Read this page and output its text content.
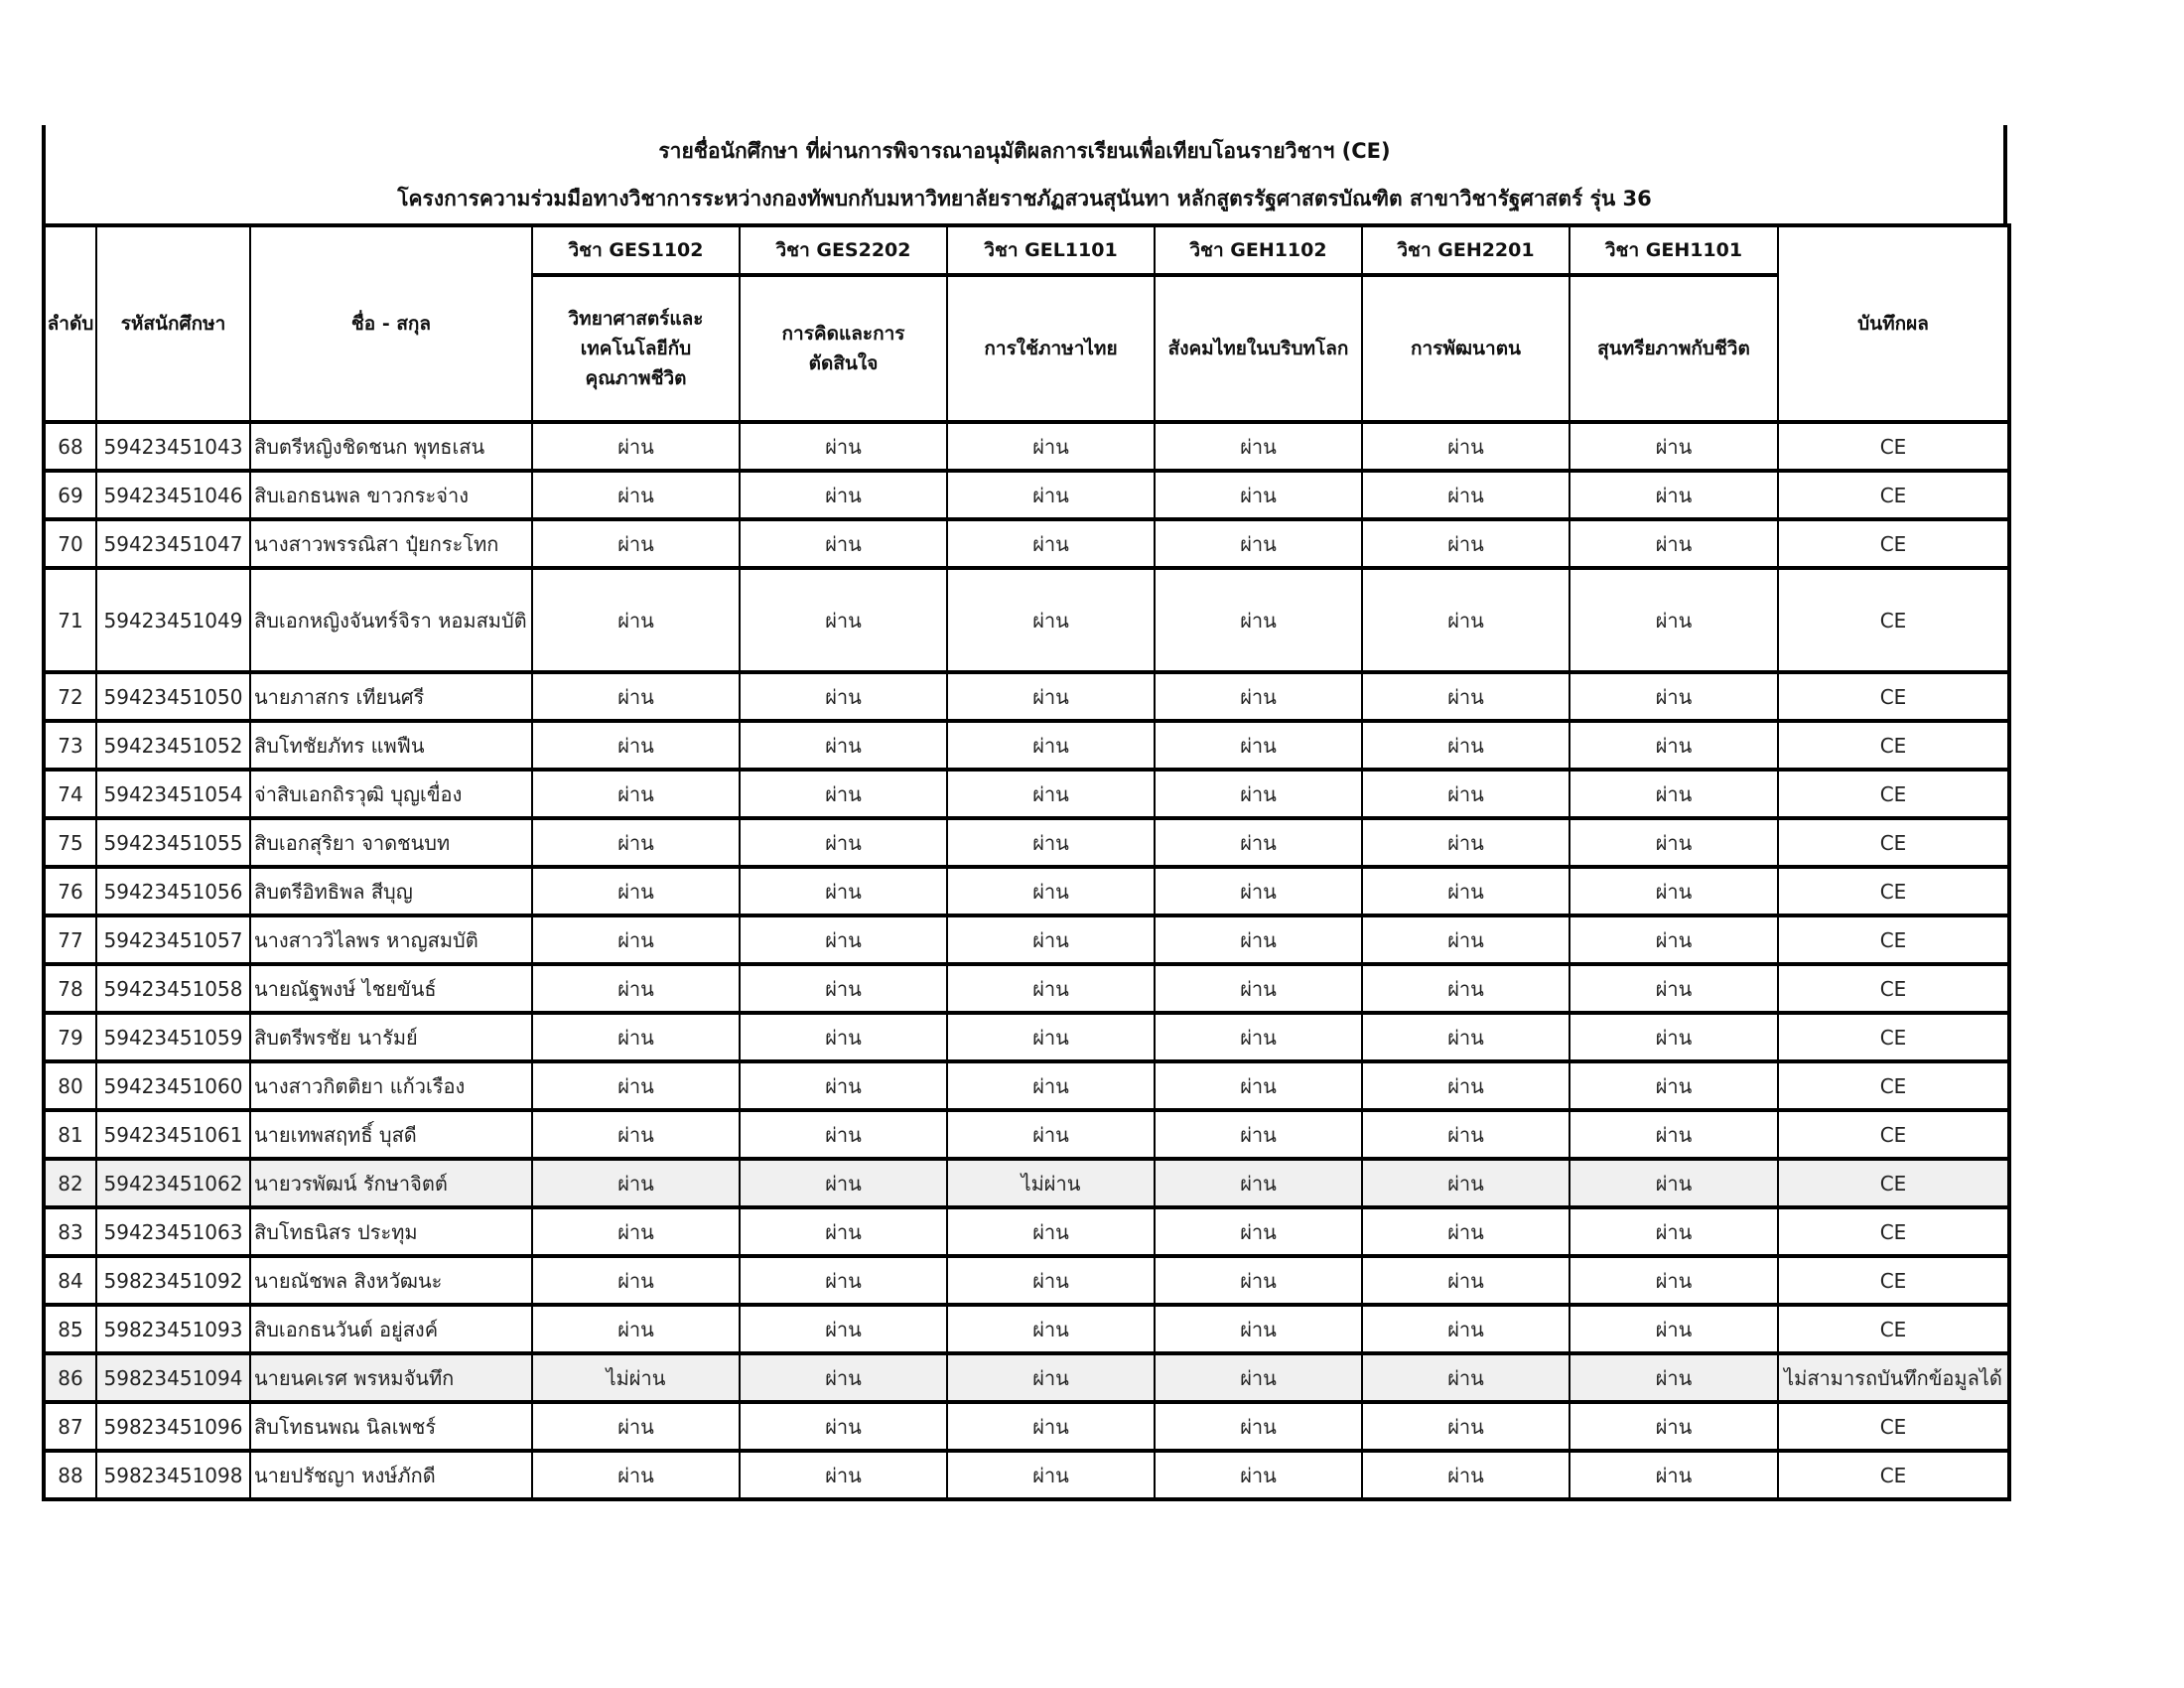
รายชื่อนักศึกษา ที่ผ่านการพิจารณาอนุมัติผลการเรียนเพื่อเทียบโอนรายวิชาฯ (CE)
โครงการความร่วมมือทางวิชาการระหว่างกองทัพบกกับมหาวิทยาลัยราชภัฏสวนสุนันทา หลักสูตรรัฐศาสตรบัณฑิต สาขาวิชารัฐศาสตร์ รุ่น 36
ลำดับ	รหัสนักศึกษา	ชื่อ - สกุล	วิชา GES1102	วิชา GES2202	วิชา GEL1101	วิชา GEH1102	วิชา GEH2201	วิชา GEH1101	บันทึกผล
			วิทยาศาสตร์และเทคโนโลยีกับคุณภาพชีวิต	การคิดและการตัดสินใจ	การใช้ภาษาไทย	สังคมไทยในบริบทโลก	การพัฒนาตน	สุนทรียภาพกับชีวิต	
68	59423451043	สิบตรีหญิงชิดชนก พุทธเสน	ผ่าน	ผ่าน	ผ่าน	ผ่าน	ผ่าน	ผ่าน	CE
69	59423451046	สิบเอกธนพล ขาวกระจ่าง	ผ่าน	ผ่าน	ผ่าน	ผ่าน	ผ่าน	ผ่าน	CE
70	59423451047	นางสาวพรรณิสา ปุ๋ยกระโทก	ผ่าน	ผ่าน	ผ่าน	ผ่าน	ผ่าน	ผ่าน	CE
71	59423451049	สิบเอกหญิงจันทร์จิรา หอมสมบัติ	ผ่าน	ผ่าน	ผ่าน	ผ่าน	ผ่าน	ผ่าน	CE
72	59423451050	นายภาสกร เทียนศรี	ผ่าน	ผ่าน	ผ่าน	ผ่าน	ผ่าน	ผ่าน	CE
73	59423451052	สิบโทชัยภัทร แพฟืน	ผ่าน	ผ่าน	ผ่าน	ผ่าน	ผ่าน	ผ่าน	CE
74	59423451054	จ่าสิบเอกถิรวุฒิ บุญเขื่อง	ผ่าน	ผ่าน	ผ่าน	ผ่าน	ผ่าน	ผ่าน	CE
75	59423451055	สิบเอกสุริยา จาดชนบท	ผ่าน	ผ่าน	ผ่าน	ผ่าน	ผ่าน	ผ่าน	CE
76	59423451056	สิบตรีอิทธิพล สีบุญ	ผ่าน	ผ่าน	ผ่าน	ผ่าน	ผ่าน	ผ่าน	CE
77	59423451057	นางสาววิไลพร หาญสมบัติ	ผ่าน	ผ่าน	ผ่าน	ผ่าน	ผ่าน	ผ่าน	CE
78	59423451058	นายณัฐพงษ์ ไชยขันธ์	ผ่าน	ผ่าน	ผ่าน	ผ่าน	ผ่าน	ผ่าน	CE
79	59423451059	สิบตรีพรชัย นารัมย์	ผ่าน	ผ่าน	ผ่าน	ผ่าน	ผ่าน	ผ่าน	CE
80	59423451060	นางสาวกิตติยา แก้วเรือง	ผ่าน	ผ่าน	ผ่าน	ผ่าน	ผ่าน	ผ่าน	CE
81	59423451061	นายเทพสฤทธิ์ บุสดี	ผ่าน	ผ่าน	ผ่าน	ผ่าน	ผ่าน	ผ่าน	CE
82	59423451062	นายวรพัฒน์ รักษาจิตต์	ผ่าน	ผ่าน	ไม่ผ่าน	ผ่าน	ผ่าน	ผ่าน	CE
83	59423451063	สิบโทธนิสร ประทุม	ผ่าน	ผ่าน	ผ่าน	ผ่าน	ผ่าน	ผ่าน	CE
84	59823451092	นายณัชพล สิงหวัฒนะ	ผ่าน	ผ่าน	ผ่าน	ผ่าน	ผ่าน	ผ่าน	CE
85	59823451093	สิบเอกธนวันต์ อยู่สงค์	ผ่าน	ผ่าน	ผ่าน	ผ่าน	ผ่าน	ผ่าน	CE
86	59823451094	นายนคเรศ พรหมจันทึก	ไม่ผ่าน	ผ่าน	ผ่าน	ผ่าน	ผ่าน	ผ่าน	ไม่สามารถบันทึกข้อมูลได้
87	59823451096	สิบโทธนพณ นิลเพชร์	ผ่าน	ผ่าน	ผ่าน	ผ่าน	ผ่าน	ผ่าน	CE
88	59823451098	นายปรัชญา หงษ์ภักดี	ผ่าน	ผ่าน	ผ่าน	ผ่าน	ผ่าน	ผ่าน	CE
